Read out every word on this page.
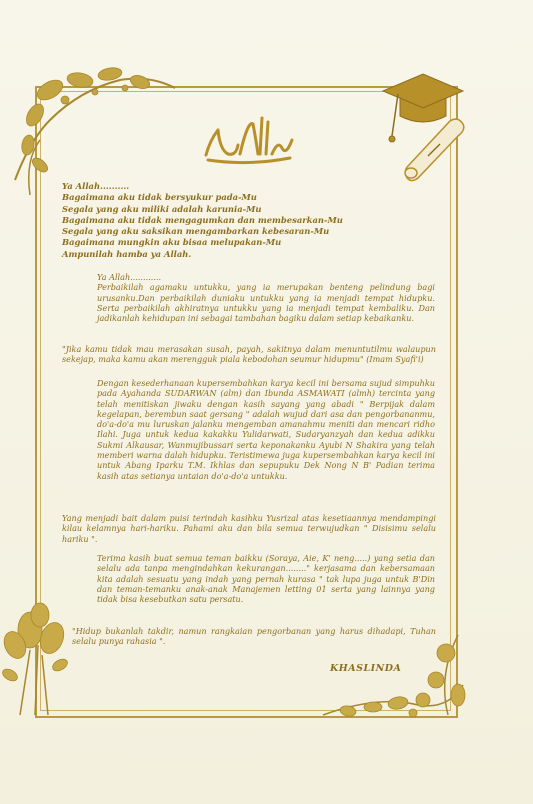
Ya Allah..........

Bagaimana aku tidak bersyukur pada-Mu

Segala yang aku miliki adalah karunia-Mu

Bagaimana aku tidak mengagumkan dan membesarkan-Mu

Segala yang aku saksikan mengambarkan kebesaran-Mu

Bagaimana mungkin aku bisaa melupakan-Mu

Ampunilah hamba ya Allah.

Ya Allah............

Perbaikilah agamaku untukku, yang ia merupakan benteng pelindung bagi urusanku.Dan perbaikilah duniaku untukku yang ia menjadi tempat hidupku. Serta perbaikilah akhiratnya untukku yang ia menjadi tempat kembaliku. Dan jadikanlah kehidupan ini sebagai tambahan bagiku dalam setiap kebaikanku.

"Jika kamu tidak mau merasakan susah, payah, sakitnya dalam menuntutilmu walaupun sekejap, maka kamu akan merengguk piala kebodohan seumur hidupmu" (Imam Syafi'i)

Dengan kesederhanaan kupersembahkan karya kecil ini bersama sujud simpuhku pada Ayahanda SUDARWAN (alm) dan Ibunda ASMAWATI (almh) tercinta yang telah menitiskan jiwaku dengan kasih sayang yang abadi " Berpijak dalam kegelapan, berembun saat gersang " adalah wujud dari asa dan pengorbananmu, do'a-do'a mu luruskan jalanku mengemban amanahmu meniti dan mencari ridho Ilahi. Juga untuk kedua kakakku Yulidarwati, Sudaryanzyah dan kedua adikku Sukmi Alkausar, Wanmujibussari serta keponakanku Ayubi N Shakira yang telah memberi warna dalah hidupku. Teristimewa juga kupersembahkan karya kecil ini untuk Abang Iparku T.M. Ikhlas dan sepupuku Dek Nong N B' Padian terima kasih atas setianya untaian do'a-do'a untukku.

Yang menjadi bait dalam puisi terindah kasihku Yusrizal atas kesetiaannya mendampingi kilau kelamnya hari-hariku. Pahami aku dan bila semua terwujudkan " Disisimu selalu hariku ".

Terima kasih buat semua teman baikku (Soraya, Aie, K' neng.....) yang setia dan selalu ada tanpa mengindahkan kekurangan........" kerjasama dan kebersamaan kita adalah sesuatu yang indah yang pernah kurasa " tak lupa juga untuk B'Din dan teman-temanku anak-anak Manajemen letting 01 serta yang lainnya yang tidak bisa kesebutkan satu persatu.

"Hidup bukanlah takdir, namun rangkaian pengorbanan yang harus dihadapi, Tuhan selalu punya rahasia ".

KHASLINDA
